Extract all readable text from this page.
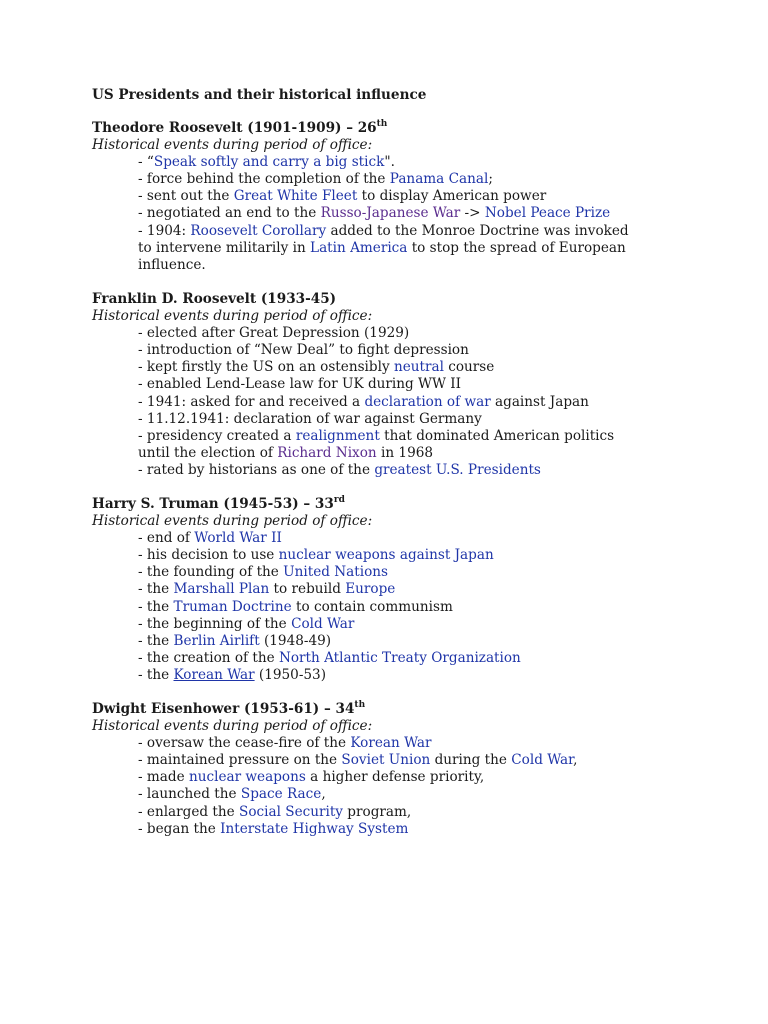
US Presidents and their historical influence
Theodore Roosevelt (1901-1909) – 26th
Historical events during period of office:
- “Speak softly and carry a big stick".
- force behind the completion of the Panama Canal;
- sent out the Great White Fleet to display American power
- negotiated an end to the Russo-Japanese War -> Nobel Peace Prize
- 1904: Roosevelt Corollary added to the Monroe Doctrine was invoked
to intervene militarily in Latin America to stop the spread of European
influence.
Franklin D. Roosevelt (1933-45)
Historical events during period of office:
- elected after Great Depression (1929)
- introduction of “New Deal” to fight depression
- kept firstly the US on an ostensibly neutral course
- enabled Lend-Lease law for UK during WW II
- 1941: asked for and received a declaration of war against Japan
- 11.12.1941: declaration of war against Germany
- presidency created a realignment that dominated American politics
until the election of Richard Nixon in 1968
- rated by historians as one of the greatest U.S. Presidents
Harry S. Truman (1945-53) – 33rd
Historical events during period of office:
- end of World War II
- his decision to use nuclear weapons against Japan
- the founding of the United Nations
- the Marshall Plan to rebuild Europe
- the Truman Doctrine to contain communism
- the beginning of the Cold War
- the Berlin Airlift (1948-49)
- the creation of the North Atlantic Treaty Organization
- the Korean War (1950-53)
Dwight Eisenhower (1953-61) – 34th
Historical events during period of office:
- oversaw the cease-fire of the Korean War
- maintained pressure on the Soviet Union during the Cold War,
- made nuclear weapons a higher defense priority,
- launched the Space Race,
- enlarged the Social Security program,
- began the Interstate Highway System
